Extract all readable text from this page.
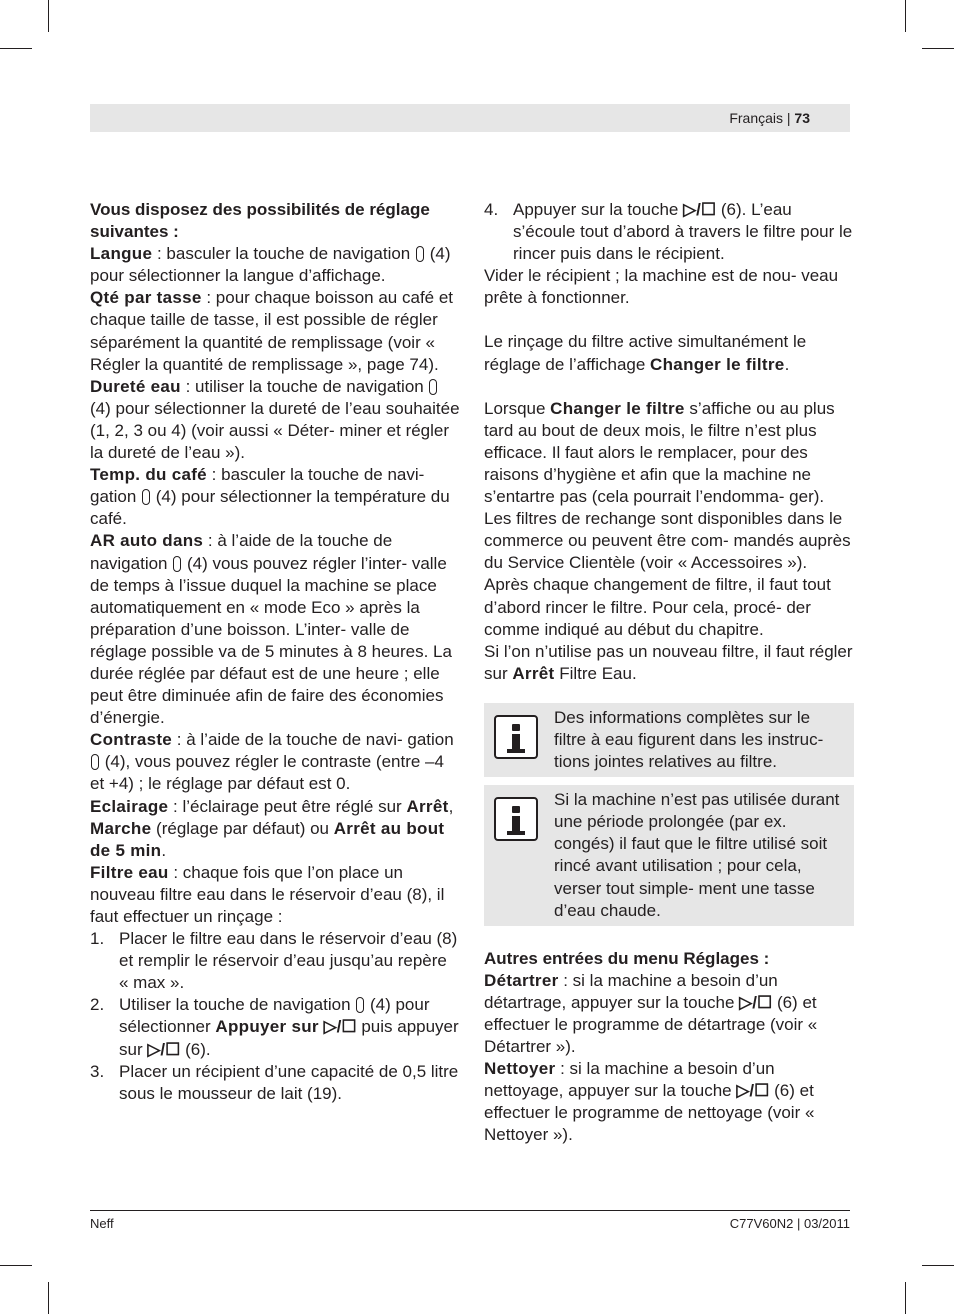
Français | 73

Vous disposez des possibilités de réglage suivantes :

Langue : basculer la touche de navigation  (4) pour sélectionner la langue d’affichage.

Qté par tasse : pour chaque boisson au café et chaque taille de tasse, il est possible de régler séparément la quantité de remplissage (voir « Régler la quantité de remplissage », page 74).

Dureté eau : utiliser la touche de navigation  (4) pour sélectionner la dureté de l’eau souhaitée (1, 2, 3 ou 4) (voir aussi « Déter- miner et régler la dureté de l’eau »).

Temp. du café : basculer la touche de navi- gation  (4) pour sélectionner la température du café.

AR auto dans : à l’aide de la touche de navigation  (4) vous pouvez régler l’inter- valle de temps à l’issue duquel la machine se place automatiquement en « mode Eco » après la préparation d’une boisson. L’inter- valle de réglage possible va de 5 minutes à 8 heures. La durée réglée par défaut est de une heure ; elle peut être diminuée afin de faire des économies d’énergie.

Contraste : à l’aide de la touche de navi- gation  (4), vous pouvez régler le contraste (entre –4 et +4) ; le réglage par défaut est 0.

Eclairage : l’éclairage peut être réglé sur Arrêt, Marche (réglage par défaut) ou Arrêt au bout de 5 min.

Filtre eau : chaque fois que l’on place un nouveau filtre eau dans le réservoir d’eau (8), il faut effectuer un rinçage :

1. Placer le filtre eau dans le réservoir d’eau (8) et remplir le réservoir d’eau jusqu’au repère « max ».
2. Utiliser la touche de navigation  (4) pour sélectionner Appuyer sur ▷/☐ puis appuyer sur ▷/☐ (6).
3. Placer un récipient d’une capacité de 0,5 litre sous le mousseur de lait (19).
4. Appuyer sur la touche ▷/☐ (6). L’eau s’écoule tout d’abord à travers le filtre pour le rincer puis dans le récipient.

Vider le récipient ; la machine est de nou- veau prête à fonctionner.

Le rinçage du filtre active simultanément le réglage de l’affichage Changer le filtre.

Lorsque Changer le filtre s’affiche ou au plus tard au bout de deux mois, le filtre n’est plus efficace. Il faut alors le remplacer, pour des raisons d’hygiène et afin que la machine ne s’entartre pas (cela pourrait l’endomma- ger). Les filtres de rechange sont disponibles dans le commerce ou peuvent être com- mandés auprès du Service Clientèle (voir « Accessoires »).

Après chaque changement de filtre, il faut tout d’abord rincer le filtre. Pour cela, procé- der comme indiqué au début du chapitre.

Si l’on n’utilise pas un nouveau filtre, il faut régler sur Arrêt Filtre Eau.

Des informations complètes sur le filtre à eau figurent dans les instruc- tions jointes relatives au filtre.

Si la machine n’est pas utilisée durant une période prolongée (par ex. congés) il faut que le filtre utilisé soit rincé avant utilisation ; pour cela, verser tout simple- ment une tasse d’eau chaude.

Autres entrées du menu Réglages :

Détartrer : si la machine a besoin d’un détartrage, appuyer sur la touche ▷/☐ (6) et effectuer le programme de détartrage (voir « Détartrer »).

Nettoyer : si la machine a besoin d’un nettoyage, appuyer sur la touche ▷/☐ (6) et effectuer le programme de nettoyage (voir « Nettoyer »).

Neff	C77V60N2 | 03/2011
